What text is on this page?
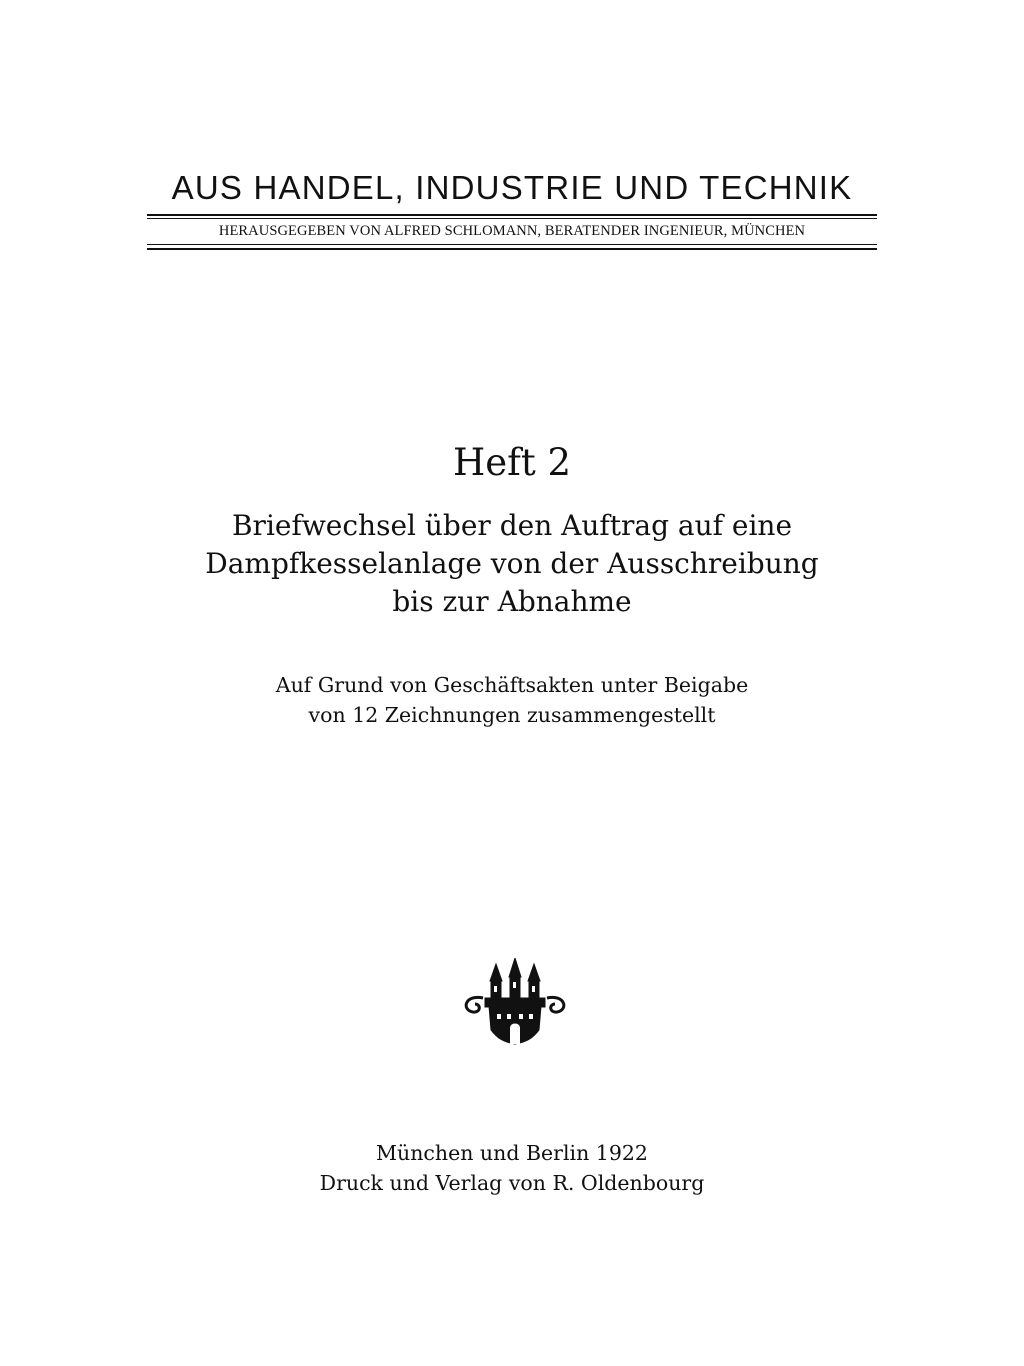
AUS HANDEL, INDUSTRIE UND TECHNIK
HERAUSGEGEBEN VON ALFRED SCHLOMANN, BERATENDER INGENIEUR, MÜNCHEN
Heft 2
Briefwechsel über den Auftrag auf eine
Dampfkesselanlage von der Ausschreibung
bis zur Abnahme
Auf Grund von Geschäftsakten unter Beigabe
von 12 Zeichnungen zusammengestellt
München und Berlin 1922
Druck und Verlag von R. Oldenbourg
